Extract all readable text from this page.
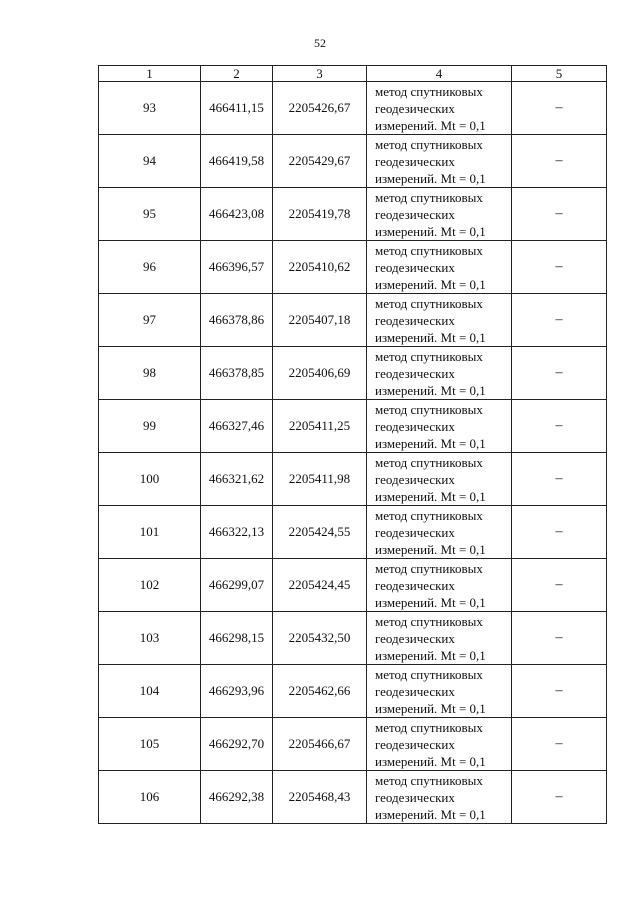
52
1	2	3	4	5
93	466411,15	2205426,67	метод спутниковых
геодезических
измерений. Mt = 0,1	–
94	466419,58	2205429,67	метод спутниковых
геодезических
измерений. Mt = 0,1	–
95	466423,08	2205419,78	метод спутниковых
геодезических
измерений. Mt = 0,1	–
96	466396,57	2205410,62	метод спутниковых
геодезических
измерений. Mt = 0,1	–
97	466378,86	2205407,18	метод спутниковых
геодезических
измерений. Mt = 0,1	–
98	466378,85	2205406,69	метод спутниковых
геодезических
измерений. Mt = 0,1	–
99	466327,46	2205411,25	метод спутниковых
геодезических
измерений. Mt = 0,1	–
100	466321,62	2205411,98	метод спутниковых
геодезических
измерений. Mt = 0,1	–
101	466322,13	2205424,55	метод спутниковых
геодезических
измерений. Mt = 0,1	–
102	466299,07	2205424,45	метод спутниковых
геодезических
измерений. Mt = 0,1	–
103	466298,15	2205432,50	метод спутниковых
геодезических
измерений. Mt = 0,1	–
104	466293,96	2205462,66	метод спутниковых
геодезических
измерений. Mt = 0,1	–
105	466292,70	2205466,67	метод спутниковых
геодезических
измерений. Mt = 0,1	–
106	466292,38	2205468,43	метод спутниковых
геодезических
измерений. Mt = 0,1	–
